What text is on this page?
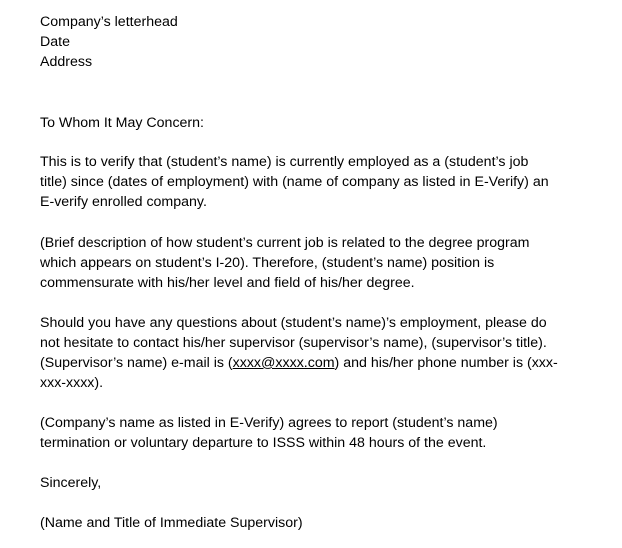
Company’s letterhead
Date
Address
To Whom It May Concern:
This is to verify that (student’s name) is currently employed as a (student’s job
title) since (dates of employment) with (name of company as listed in E-Verify) an
E-verify enrolled company.
(Brief description of how student’s current job is related to the degree program
which appears on student’s I-20). Therefore, (student’s name) position is
commensurate with his/her level and field of his/her degree.
Should you have any questions about (student’s name)’s employment, please do
not hesitate to contact his/her supervisor (supervisor’s name), (supervisor’s title).
(Supervisor’s name) e-mail is (xxxx@xxxx.com) and his/her phone number is (xxx-
xxx-xxxx).
(Company’s name as listed in E-Verify) agrees to report (student’s name)
termination or voluntary departure to ISSS within 48 hours of the event.
Sincerely,
(Name and Title of Immediate Supervisor)
